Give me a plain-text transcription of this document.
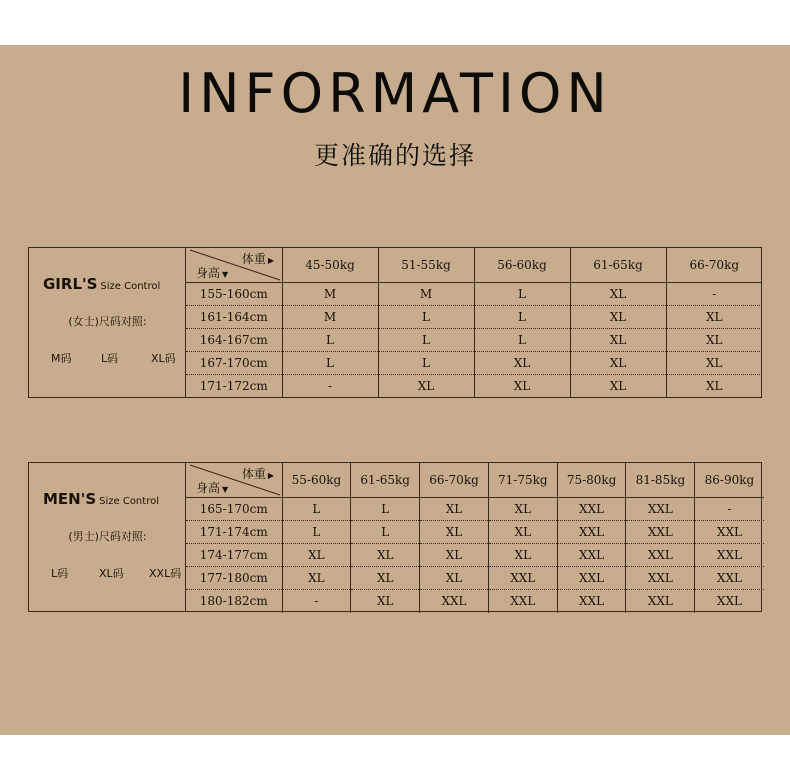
INFORMATION
更准确的选择
GIRL'S Size Control
(女士)尺码对照:
M码	L码	XL码
体重 ▶
身高 ▼	45-50kg	51-55kg	56-60kg	61-65kg	66-70kg
155-160cm	M	M	L	XL	-
161-164cm	M	L	L	XL	XL
164-167cm	L	L	L	XL	XL
167-170cm	L	L	XL	XL	XL
171-172cm	-	XL	XL	XL	XL
MEN'S Size Control
(男士)尺码对照:
L码	XL码 XXL码
体重 ▶
身高 ▼	55-60kg	61-65kg	66-70kg	71-75kg	75-80kg	81-85kg	86-90kg
165-170cm	L	L	XL	XL	XXL	XXL	-
171-174cm	L	L	XL	XL	XXL	XXL	XXL
174-177cm	XL	XL	XL	XL	XXL	XXL	XXL
177-180cm	XL	XL	XL	XXL	XXL	XXL	XXL
180-182cm	-	XL	XXL	XXL	XXL	XXL	XXL
